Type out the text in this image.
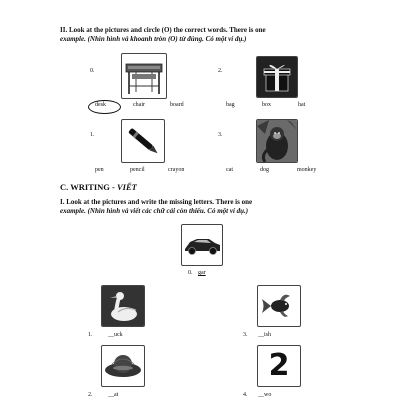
II. Look at the pictures and circle (O) the correct words. There is one
example. (Nhìn hình và khoanh tròn (O) từ đúng. Có một ví dụ.)
0.
desk	chair	board
2.
bag	box	hat
1.
pen	pencil	crayon
3.
cat	dog	monkey
C. WRITING - VIẾT
I. Look at the pictures and write the missing letters. There is one
example. (Nhìn hình và viết các chữ cái còn thiếu. Có một ví dụ.)
0. gar
1.	__uck	3. __ish
2.	__at
2
4. __wo
